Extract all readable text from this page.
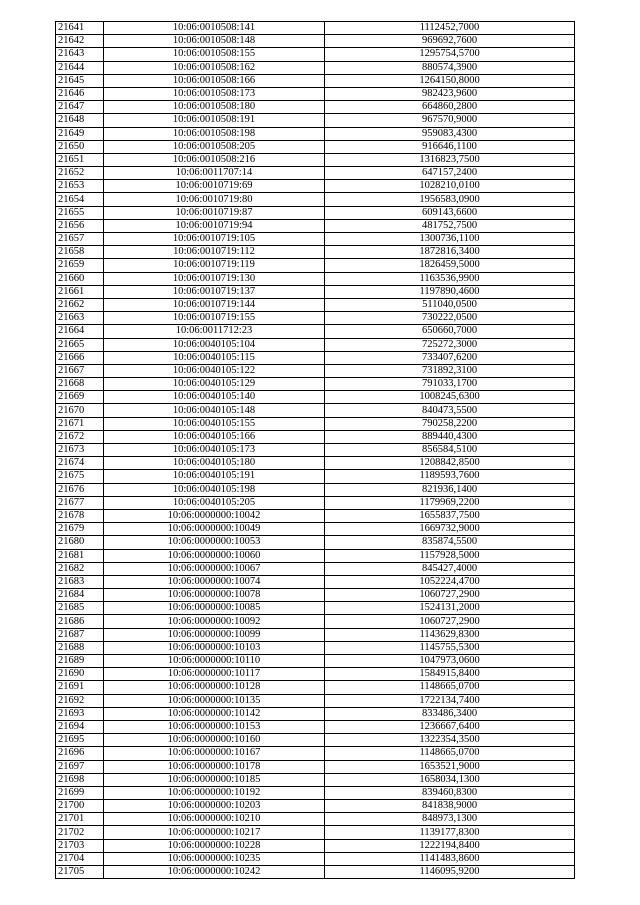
21641	10:06:0010508:141	1112452,7000
21642	10:06:0010508:148	969692,7600
21643	10:06:0010508:155	1295754,5700
21644	10:06:0010508:162	880574,3900
21645	10:06:0010508:166	1264150,8000
21646	10:06:0010508:173	982423,9600
21647	10:06:0010508:180	664860,2800
21648	10:06:0010508:191	967570,9000
21649	10:06:0010508:198	959083,4300
21650	10:06:0010508:205	916646,1100
21651	10:06:0010508:216	1316823,7500
21652	10:06:0011707:14	647157,2400
21653	10:06:0010719:69	1028210,0100
21654	10:06:0010719:80	1956583,0900
21655	10:06:0010719:87	609143,6600
21656	10:06:0010719:94	481752,7500
21657	10:06:0010719:105	1300736,1100
21658	10:06:0010719:112	1872816,3400
21659	10:06:0010719:119	1826459,5000
21660	10:06:0010719:130	1163536,9900
21661	10:06:0010719:137	1197890,4600
21662	10:06:0010719:144	511040,0500
21663	10:06:0010719:155	730222,0500
21664	10:06:0011712:23	650660,7000
21665	10:06:0040105:104	725272,3000
21666	10:06:0040105:115	733407,6200
21667	10:06:0040105:122	731892,3100
21668	10:06:0040105:129	791033,1700
21669	10:06:0040105:140	1008245,6300
21670	10:06:0040105:148	840473,5500
21671	10:06:0040105:155	790258,2200
21672	10:06:0040105:166	889440,4300
21673	10:06:0040105:173	856584,5100
21674	10:06:0040105:180	1208842,8500
21675	10:06:0040105:191	1189593,7600
21676	10:06:0040105:198	821936,1400
21677	10:06:0040105:205	1179969,2200
21678	10:06:0000000:10042	1655837,7500
21679	10:06:0000000:10049	1669732,9000
21680	10:06:0000000:10053	835874,5500
21681	10:06:0000000:10060	1157928,5000
21682	10:06:0000000:10067	845427,4000
21683	10:06:0000000:10074	1052224,4700
21684	10:06:0000000:10078	1060727,2900
21685	10:06:0000000:10085	1524131,2000
21686	10:06:0000000:10092	1060727,2900
21687	10:06:0000000:10099	1143629,8300
21688	10:06:0000000:10103	1145755,5300
21689	10:06:0000000:10110	1047973,0600
21690	10:06:0000000:10117	1584915,8400
21691	10:06:0000000:10128	1148665,0700
21692	10:06:0000000:10135	1722134,7400
21693	10:06:0000000:10142	833486,3400
21694	10:06:0000000:10153	1236667,6400
21695	10:06:0000000:10160	1322354,3500
21696	10:06:0000000:10167	1148665,0700
21697	10:06:0000000:10178	1653521,9000
21698	10:06:0000000:10185	1658034,1300
21699	10:06:0000000:10192	839460,8300
21700	10:06:0000000:10203	841838,9000
21701	10:06:0000000:10210	848973,1300
21702	10:06:0000000:10217	1139177,8300
21703	10:06:0000000:10228	1222194,8400
21704	10:06:0000000:10235	1141483,8600
21705	10:06:0000000:10242	1146095,9200
